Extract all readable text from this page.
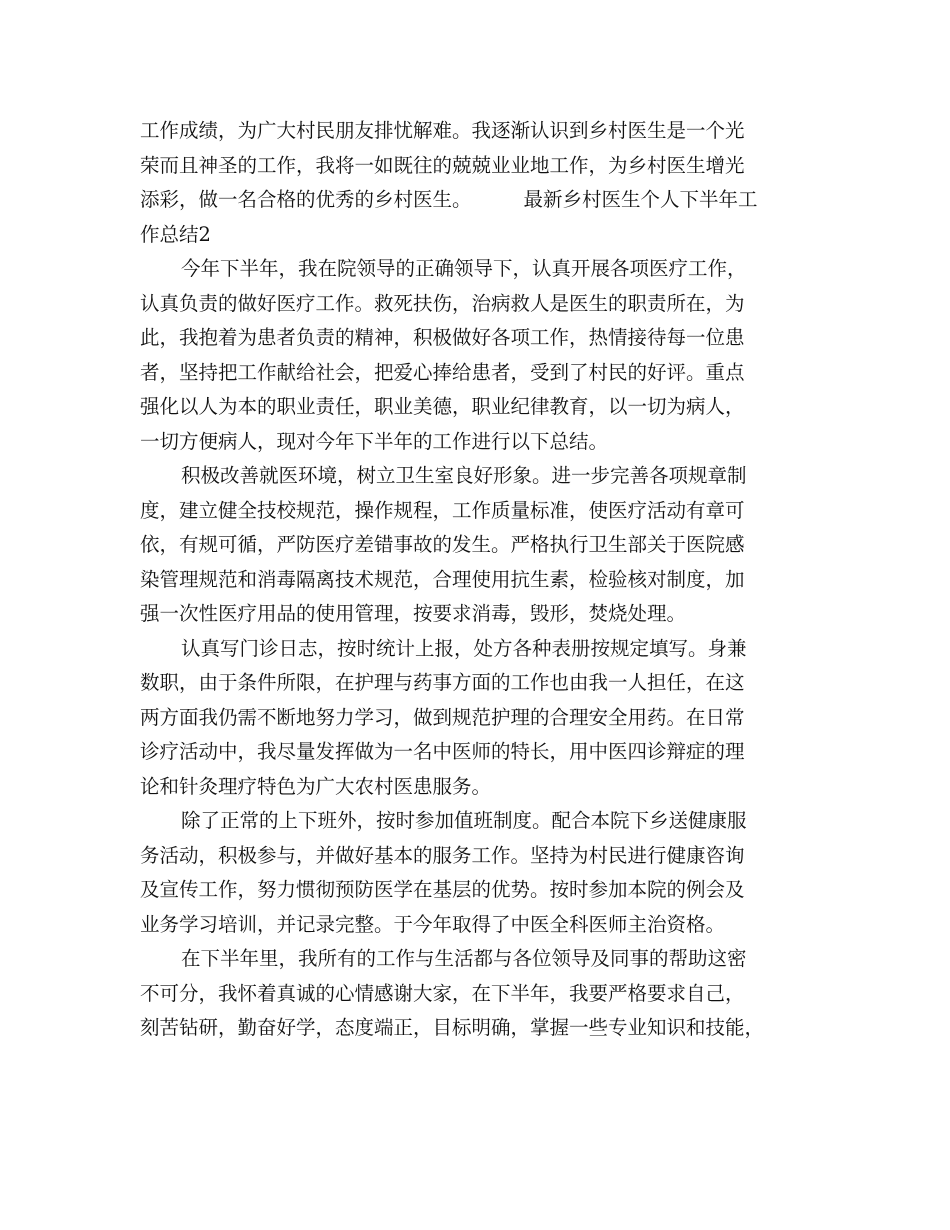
工作成绩，为广大村民朋友排忧解难。我逐渐认识到乡村医生是一个光
荣而且神圣的工作，我将一如既往的兢兢业业地工作，为乡村医生增光
添彩，做一名合格的优秀的乡村医生。	最新乡村医生个人下半年工
作总结2
今年下半年，我在院领导的正确领导下，认真开展各项医疗工作，
认真负责的做好医疗工作。救死扶伤，治病救人是医生的职责所在，为
此，我抱着为患者负责的精神，积极做好各项工作，热情接待每一位患
者，坚持把工作献给社会，把爱心捧给患者，受到了村民的好评。重点
强化以人为本的职业责任，职业美德，职业纪律教育，以一切为病人，
一切方便病人，现对今年下半年的工作进行以下总结。
积极改善就医环境，树立卫生室良好形象。进一步完善各项规章制
度，建立健全技校规范，操作规程，工作质量标准，使医疗活动有章可
依，有规可循，严防医疗差错事故的发生。严格执行卫生部关于医院感
染管理规范和消毒隔离技术规范，合理使用抗生素，检验核对制度，加
强一次性医疗用品的使用管理，按要求消毒，毁形，焚烧处理。
认真写门诊日志，按时统计上报，处方各种表册按规定填写。身兼
数职，由于条件所限，在护理与药事方面的工作也由我一人担任，在这
两方面我仍需不断地努力学习，做到规范护理的合理安全用药。在日常
诊疗活动中，我尽量发挥做为一名中医师的特长，用中医四诊辩症的理
论和针灸理疗特色为广大农村医患服务。
除了正常的上下班外，按时参加值班制度。配合本院下乡送健康服
务活动，积极参与，并做好基本的服务工作。坚持为村民进行健康咨询
及宣传工作，努力惯彻预防医学在基层的优势。按时参加本院的例会及
业务学习培训，并记录完整。于今年取得了中医全科医师主治资格。
在下半年里，我所有的工作与生活都与各位领导及同事的帮助这密
不可分，我怀着真诚的心情感谢大家，在下半年，我要严格要求自己，
刻苦钻研，勤奋好学，态度端正，目标明确，掌握一些专业知识和技能，
